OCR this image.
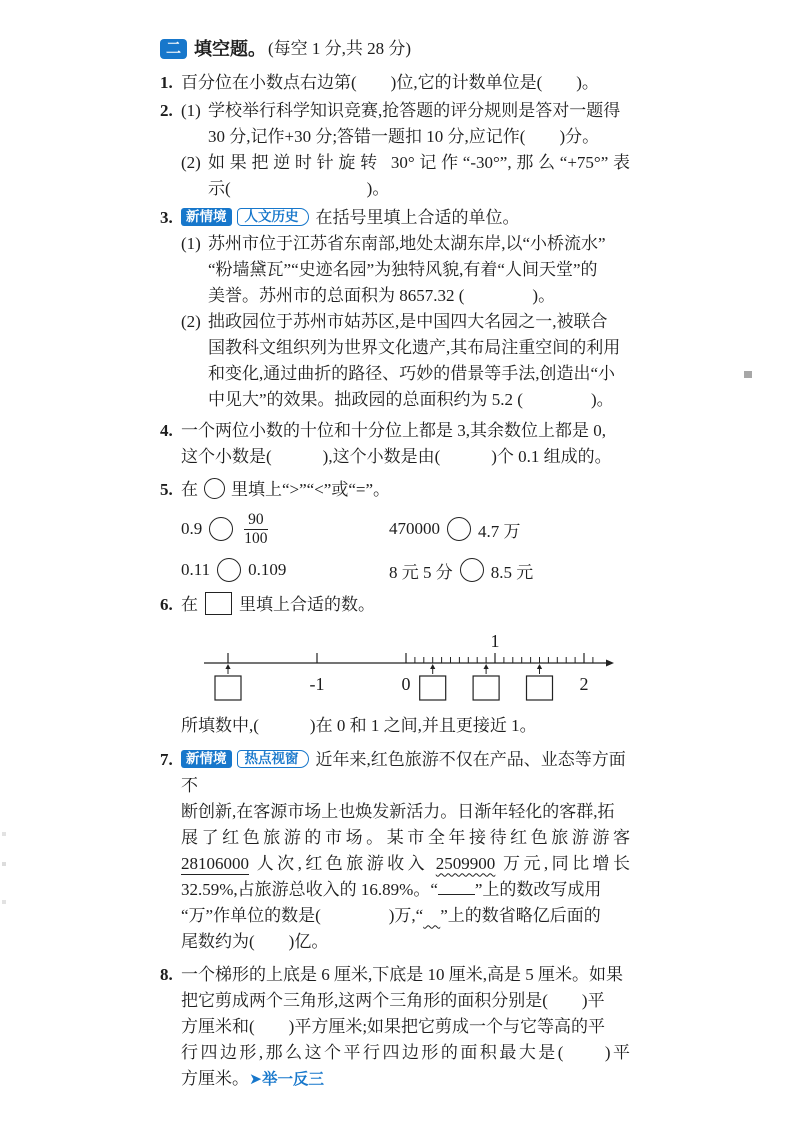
二 填空题。 (每空 1 分,共 28 分)
1. 百分位在小数点右边第(　　)位,它的计数单位是(　　)。
2. (1) 学校举行科学知识竞赛,抢答题的评分规则是答对一题得
30 分,记作+30 分;答错一题扣 10 分,应记作(　　)分。
(2) 如果把逆时针旋转 30°记作“-30°”,那么“+75°”表
示(　　　　　　　　)。
3. 新情境 人文历史 在括号里填上合适的单位。
(1) 苏州市位于江苏省东南部,地处太湖东岸,以“小桥流水”
“粉墙黛瓦”“史迹名园”为独特风貌,有着“人间天堂”的
美誉。苏州市的总面积为 8657.32 (　　　　)。
(2) 拙政园位于苏州市姑苏区,是中国四大名园之一,被联合
国教科文组织列为世界文化遗产,其布局注重空间的利用
和变化,通过曲折的路径、巧妙的借景等手法,创造出“小
中见大”的效果。拙政园的总面积约为 5.2 (　　　　)。
4. 一个两位小数的十位和十分位上都是 3,其余数位上都是 0,
这个小数是(　　　),这个小数是由(　　　)个 0.1 组成的。
5. 在 里填上“>”“<”或“=”。
$0.9 \frac{90}{100}$	470000 4.7 万
0.11 0.109	8 元 5 分 8.5 元
6. 在 里填上合适的数。
-1	0	2
1
所填数中,(　　　)在 0 和 1 之间,并且更接近 1。
7. 新情境 热点视窗 近年来,红色旅游不仅在产品、业态等方面不
断创新,在客源市场上也焕发新活力。日渐年轻化的客群,拓
展了红色旅游的市场。某市全年接待红色旅游游客
28106000 人次,红色旅游收入 2509900 万元,同比增长
32.59%,占旅游总收入的 16.89%。“ ”上的数改写成用
“万”作单位的数是(　　　　)万,“ ”上的数省略亿后面的
尾数约为(　　)亿。
8. 一个梯形的上底是 6 厘米,下底是 10 厘米,高是 5 厘米。如果
把它剪成两个三角形,这两个三角形的面积分别是(　　)平
方厘米和(　　)平方厘米;如果把它剪成一个与它等高的平
行四边形,那么这个平行四边形的面积最大是(　　)平
方厘米。➤举一反三
